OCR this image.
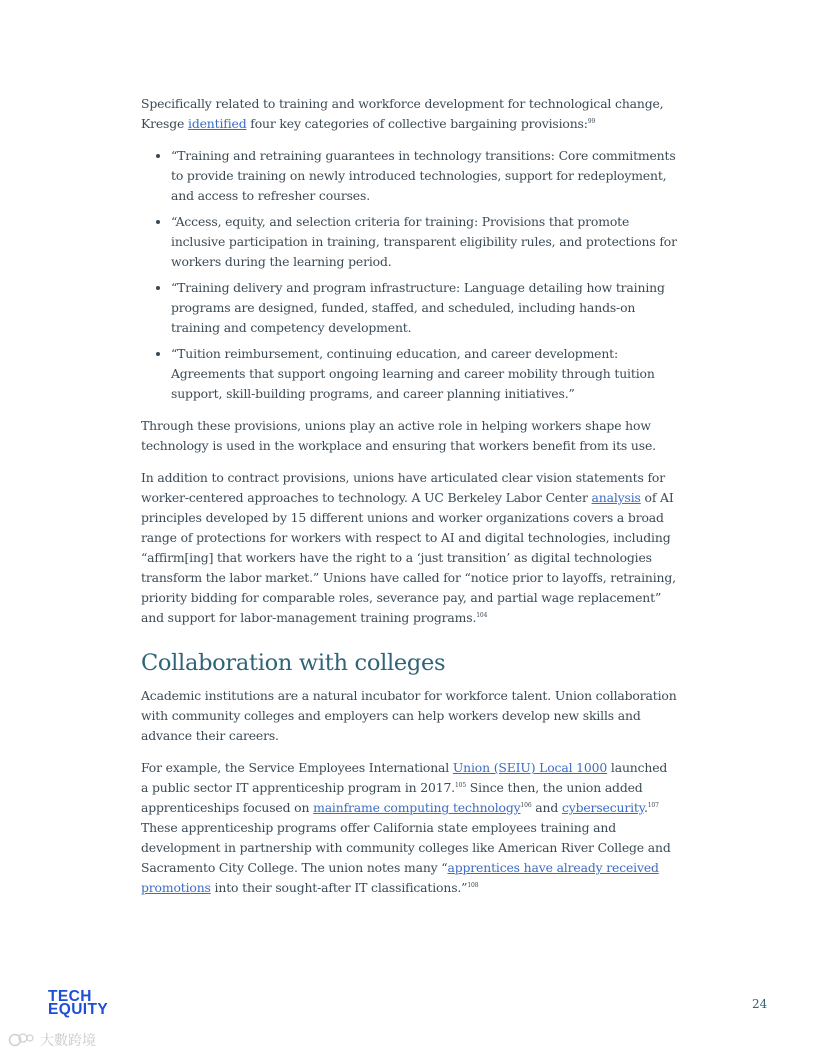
Specifically related to training and workforce development for technological change, Kresge identified four key categories of collective bargaining provisions:$^{99}$

• “Training and retraining guarantees in technology transitions: Core commitments to provide training on newly introduced technologies, support for redeployment, and access to refresher courses.
• “Access, equity, and selection criteria for training: Provisions that promote inclusive participation in training, transparent eligibility rules, and protections for workers during the learning period.
• “Training delivery and program infrastructure: Language detailing how training programs are designed, funded, staffed, and scheduled, including hands-on training and competency development.
• “Tuition reimbursement, continuing education, and career development: Agreements that support ongoing learning and career mobility through tuition support, skill-building programs, and career planning initiatives.”

Through these provisions, unions play an active role in helping workers shape how technology is used in the workplace and ensuring that workers benefit from its use.

In addition to contract provisions, unions have articulated clear vision statements for worker-centered approaches to technology. A UC Berkeley Labor Center analysis of AI principles developed by 15 different unions and worker organizations covers a broad range of protections for workers with respect to AI and digital technologies, including “affirm[ing] that workers have the right to a ‘just transition’ as digital technologies transform the labor market.” Unions have called for “notice prior to layoffs, retraining, priority bidding for comparable roles, severance pay, and partial wage replacement” and support for labor-management training programs.$^{104}$

Collaboration with colleges

Academic institutions are a natural incubator for workforce talent. Union collaboration with community colleges and employers can help workers develop new skills and advance their careers.

For example, the Service Employees International Union (SEIU) Local 1000 launched a public sector IT apprenticeship program in 2017.$^{105}$ Since then, the union added apprenticeships focused on mainframe computing technology$^{106}$ and cybersecurity.$^{107}$ These apprenticeship programs offer California state employees training and development in partnership with community colleges like American River College and Sacramento City College. The union notes many “apprentices have already received promotions into their sought-after IT classifications.”$^{108}$

TECH
EQUITY	24
大數跨境
